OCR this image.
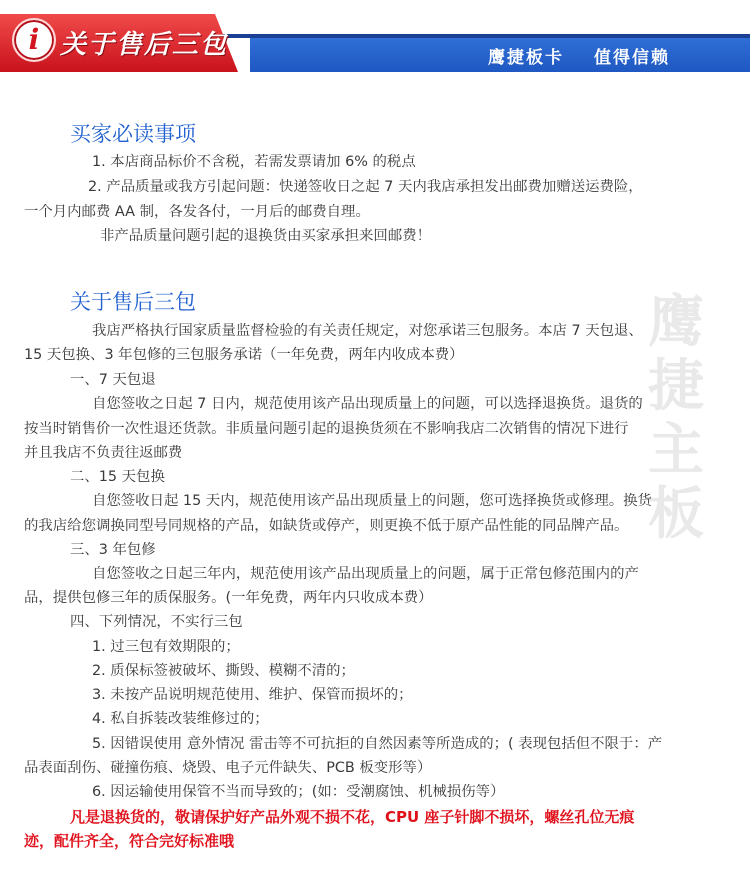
i 关于售后三包	鹰捷板卡 值得信赖
鹰
捷
主
板
买家必读事项
1. 本店商品标价不含税，若需发票请加 6% 的税点
2. 产品质量或我方引起问题：快递签收日之起 7 天内我店承担发出邮费加赠送运费险，
一个月内邮费 AA 制，各发各付，一月后的邮费自理。
非产品质量问题引起的退换货由买家承担来回邮费！
关于售后三包
我店严格执行国家质量监督检验的有关责任规定，对您承诺三包服务。本店 7 天包退、
15 天包换、3 年包修的三包服务承诺（一年免费，两年内收成本费）
一、7 天包退
自您签收之日起 7 日内，规范使用该产品出现质量上的问题，可以选择退换货。退货的
按当时销售价一次性退还货款。非质量问题引起的退换货须在不影响我店二次销售的情况下进行
并且我店不负责往返邮费
二、15 天包换
自您签收日起 15 天内，规范使用该产品出现质量上的问题，您可选择换货或修理。换货
的我店给您调换同型号同规格的产品，如缺货或停产，则更换不低于原产品性能的同品牌产品。
三、3 年包修
自您签收之日起三年内，规范使用该产品出现质量上的问题，属于正常包修范围内的产
品，提供包修三年的质保服务。(一年免费，两年内只收成本费）
四、下列情况，不实行三包
1. 过三包有效期限的；
2. 质保标签被破坏、撕毁、模糊不清的；
3. 未按产品说明规范使用、维护、保管而损坏的；
4. 私自拆装改装维修过的；
5. 因错误使用 意外情况 雷击等不可抗拒的自然因素等所造成的；( 表现包括但不限于：产
品表面刮伤、碰撞伤痕、烧毁、电子元件缺失、PCB 板变形等）
6. 因运输使用保管不当而导致的；(如：受潮腐蚀、机械损伤等）
凡是退换货的，敬请保护好产品外观不损不花，CPU 座子针脚不损坏，螺丝孔位无痕
迹，配件齐全，符合完好标准哦
